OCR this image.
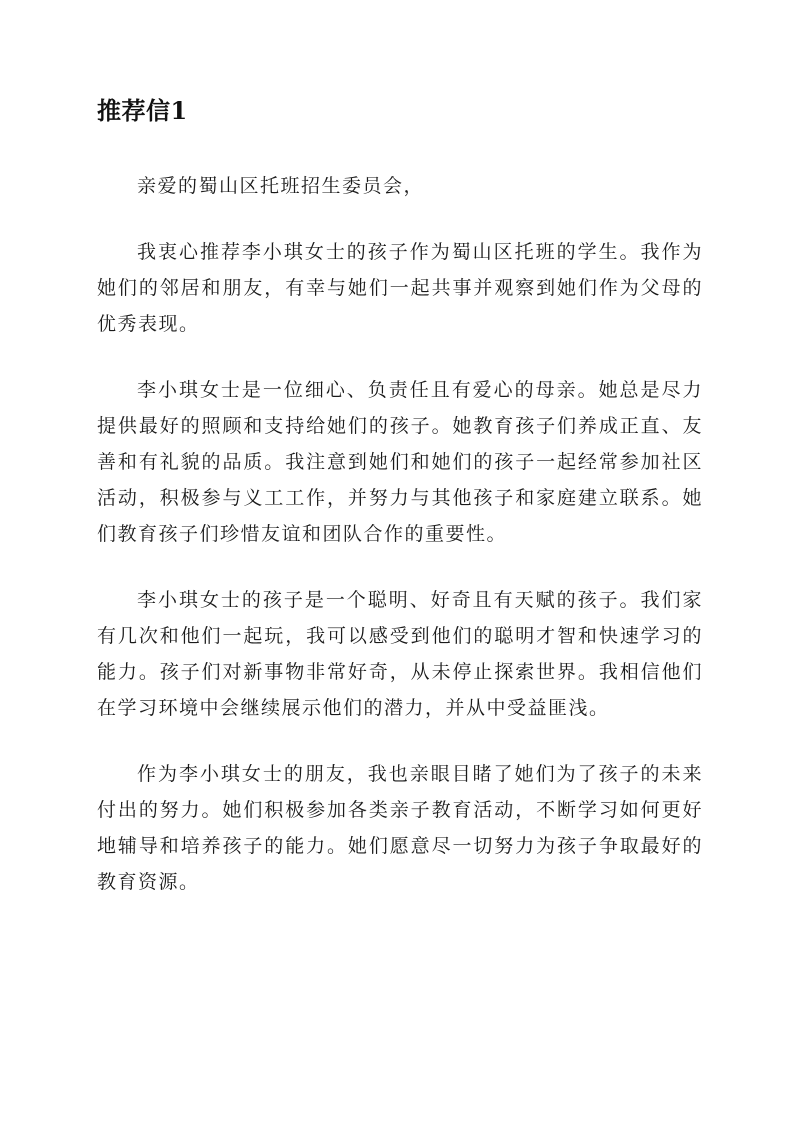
推荐信1

亲爱的蜀山区托班招生委员会，

我衷心推荐李小琪女士的孩子作为蜀山区托班的学生。我作为她们的邻居和朋友，有幸与她们一起共事并观察到她们作为父母的优秀表现。

李小琪女士是一位细心、负责任且有爱心的母亲。她总是尽力提供最好的照顾和支持给她们的孩子。她教育孩子们养成正直、友善和有礼貌的品质。我注意到她们和她们的孩子一起经常参加社区活动，积极参与义工工作，并努力与其他孩子和家庭建立联系。她们教育孩子们珍惜友谊和团队合作的重要性。

李小琪女士的孩子是一个聪明、好奇且有天赋的孩子。我们家有几次和他们一起玩，我可以感受到他们的聪明才智和快速学习的能力。孩子们对新事物非常好奇，从未停止探索世界。我相信他们在学习环境中会继续展示他们的潜力，并从中受益匪浅。

作为李小琪女士的朋友，我也亲眼目睹了她们为了孩子的未来付出的努力。她们积极参加各类亲子教育活动，不断学习如何更好地辅导和培养孩子的能力。她们愿意尽一切努力为孩子争取最好的教育资源。
